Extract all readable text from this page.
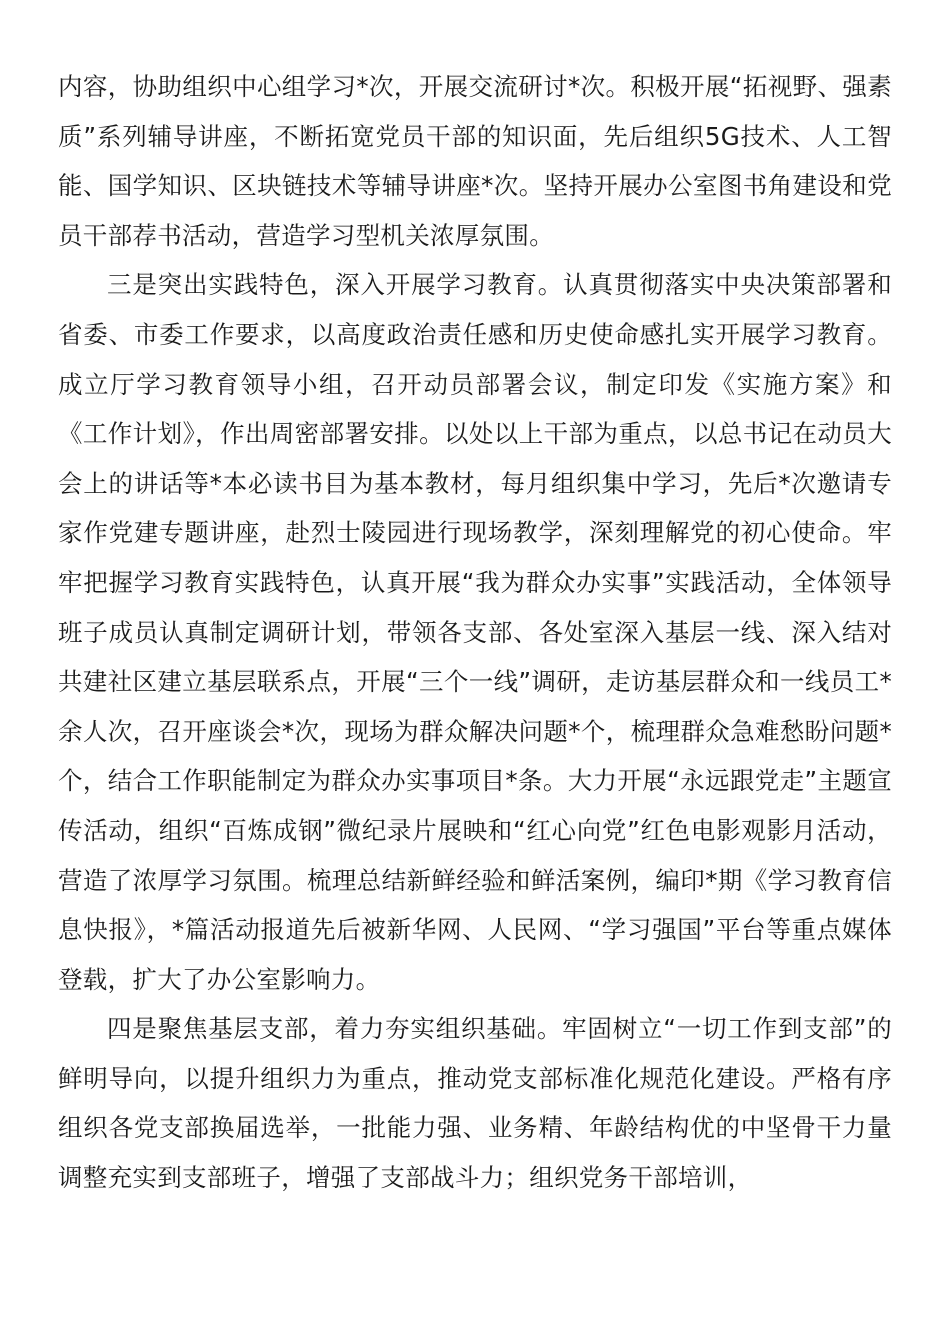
内容，协助组织中心组学习*次，开展交流研讨*次。积极开展“拓视野、强素质”系列辅导讲座，不断拓宽党员干部的知识面，先后组织5G技术、人工智能、国学知识、区块链技术等辅导讲座*次。坚持开展办公室图书角建设和党员干部荐书活动，营造学习型机关浓厚氛围。

三是突出实践特色，深入开展学习教育。认真贯彻落实中央决策部署和省委、市委工作要求，以高度政治责任感和历史使命感扎实开展学习教育。成立厅学习教育领导小组，召开动员部署会议，制定印发《实施方案》和《工作计划》，作出周密部署安排。以处以上干部为重点，以总书记在动员大会上的讲话等*本必读书目为基本教材，每月组织集中学习，先后*次邀请专家作党建专题讲座，赴烈士陵园进行现场教学，深刻理解党的初心使命。牢牢把握学习教育实践特色，认真开展“我为群众办实事”实践活动，全体领导班子成员认真制定调研计划，带领各支部、各处室深入基层一线、深入结对共建社区建立基层联系点，开展“三个一线”调研，走访基层群众和一线员工*余人次，召开座谈会*次，现场为群众解决问题*个，梳理群众急难愁盼问题*个，结合工作职能制定为群众办实事项目*条。大力开展“永远跟党走”主题宣传活动，组织“百炼成钢”微纪录片展映和“红心向党”红色电影观影月活动，营造了浓厚学习氛围。梳理总结新鲜经验和鲜活案例，编印*期《学习教育信息快报》，*篇活动报道先后被新华网、人民网、“学习强国”平台等重点媒体登载，扩大了办公室影响力。

四是聚焦基层支部，着力夯实组织基础。牢固树立“一切工作到支部”的鲜明导向，以提升组织力为重点，推动党支部标准化规范化建设。严格有序组织各党支部换届选举，一批能力强、业务精、年龄结构优的中坚骨干力量调整充实到支部班子，增强了支部战斗力；组织党务干部培训，
